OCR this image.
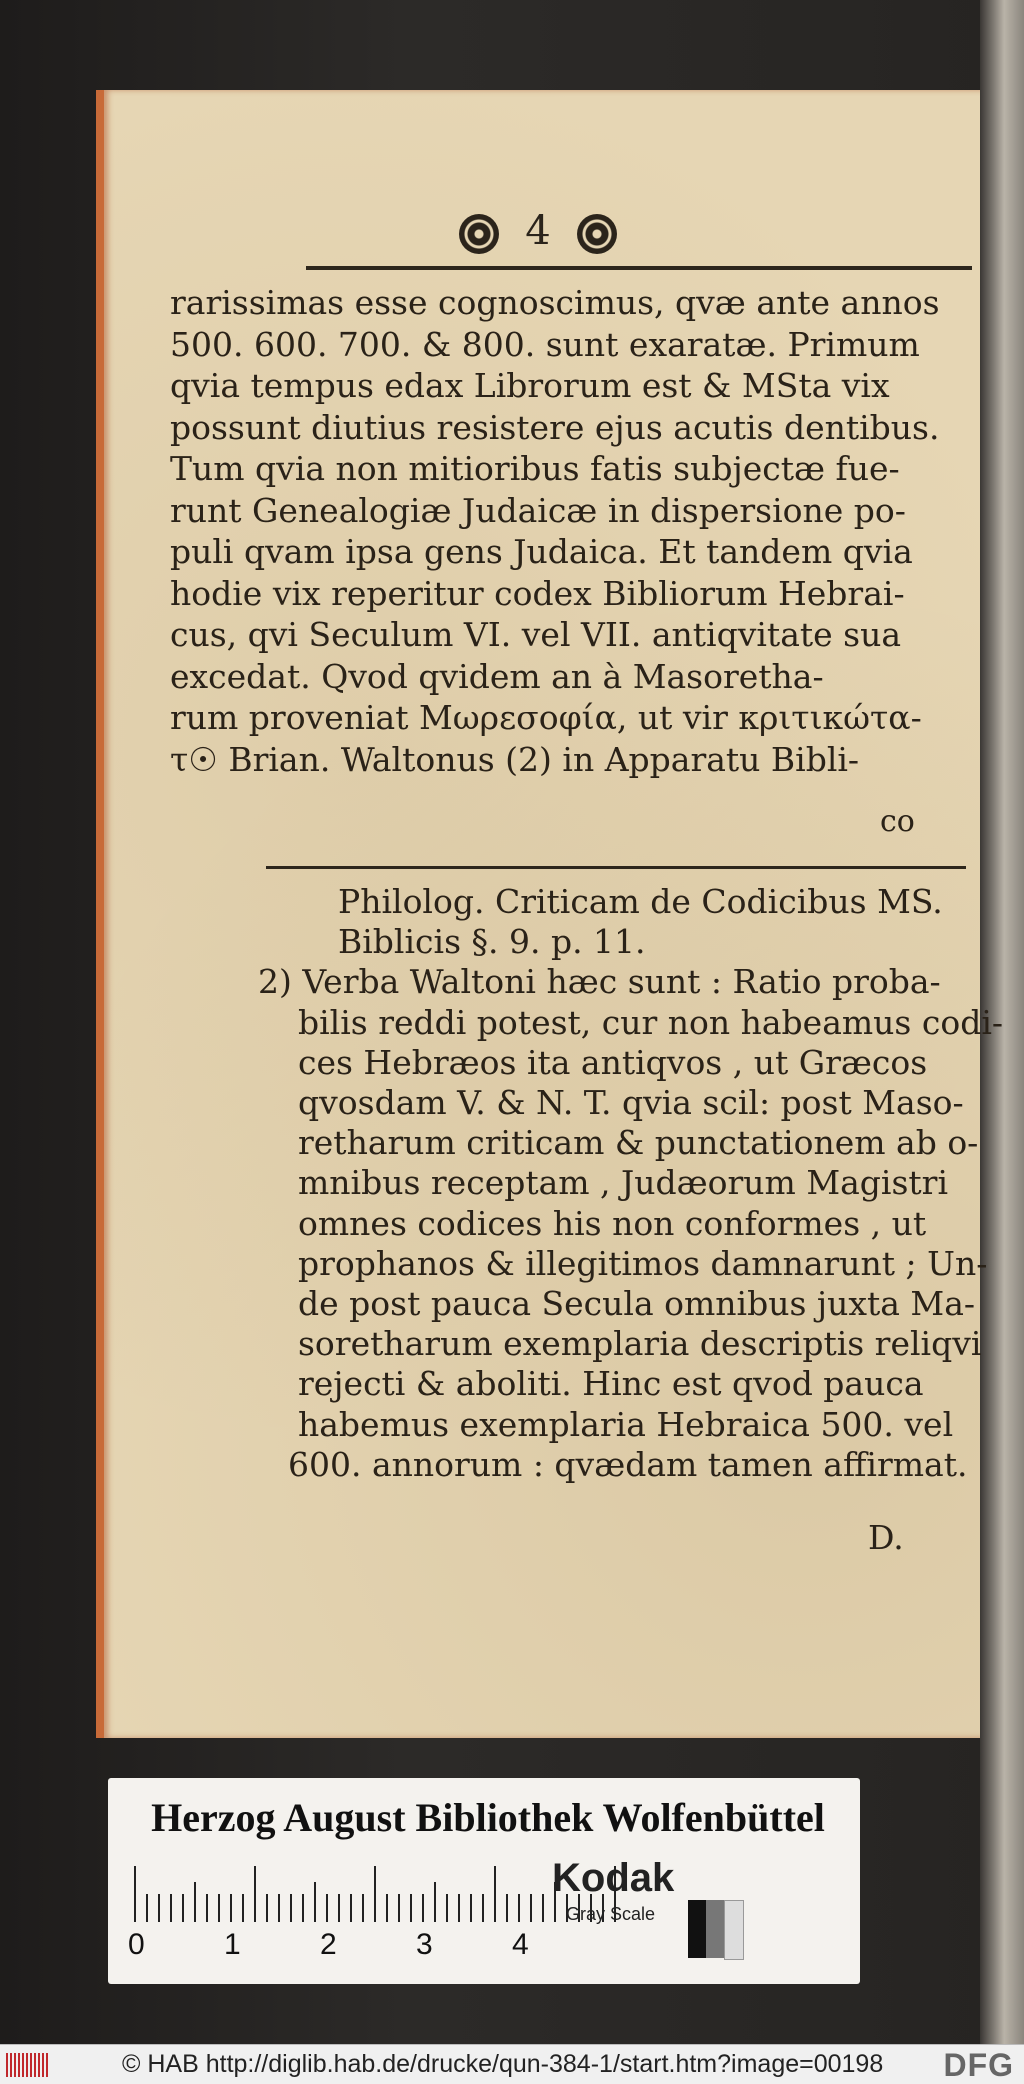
4
rarissimas esse cognoscimus, qvæ ante annos
500. 600. 700. & 800. sunt exaratæ. Primum
qvia tempus edax Librorum est & MSta vix
possunt diutius resistere ejus acutis dentibus.
Tum qvia non mitioribus fatis subjectæ fue-
runt Genealogiæ Judaicæ in dispersione po-
puli qvam ipsa gens Judaica. Et tandem qvia
hodie vix reperitur codex Bibliorum Hebrai-
cus, qvi Seculum VI. vel VII. antiqvitate sua
excedat. Qvod qvidem an à Masoretha-
rum proveniat Μωρεσοφία, ut vir κριτικώτα-
τ☉ Brian. Waltonus (2) in Apparatu Bibli-
co
Philolog. Criticam de Codicibus MS.
Biblicis §. 9. p. 11.
2) Verba Waltoni hæc sunt : Ratio proba-
bilis reddi potest, cur non habeamus codi-
ces Hebræos ita antiqvos , ut Græcos
qvosdam V. & N. T. qvia scil: post Maso-
retharum criticam & punctationem ab o-
mnibus receptam , Judæorum Magistri
omnes codices his non conformes , ut
prophanos & illegitimos damnarunt ; Un-
de post pauca Secula omnibus juxta Ma-
soretharum exemplaria descriptis reliqvi
rejecti & aboliti. Hinc est qvod pauca
habemus exemplaria Hebraica 500. vel
600. annorum : qvædam tamen affirmat.
D.
Herzog August Bibliothek Wolfenbüttel
0	1	2	3	4
Kodak
Gray Scale
© HAB http://diglib.hab.de/drucke/qun-384-1/start.htm?image=00198 DFG
